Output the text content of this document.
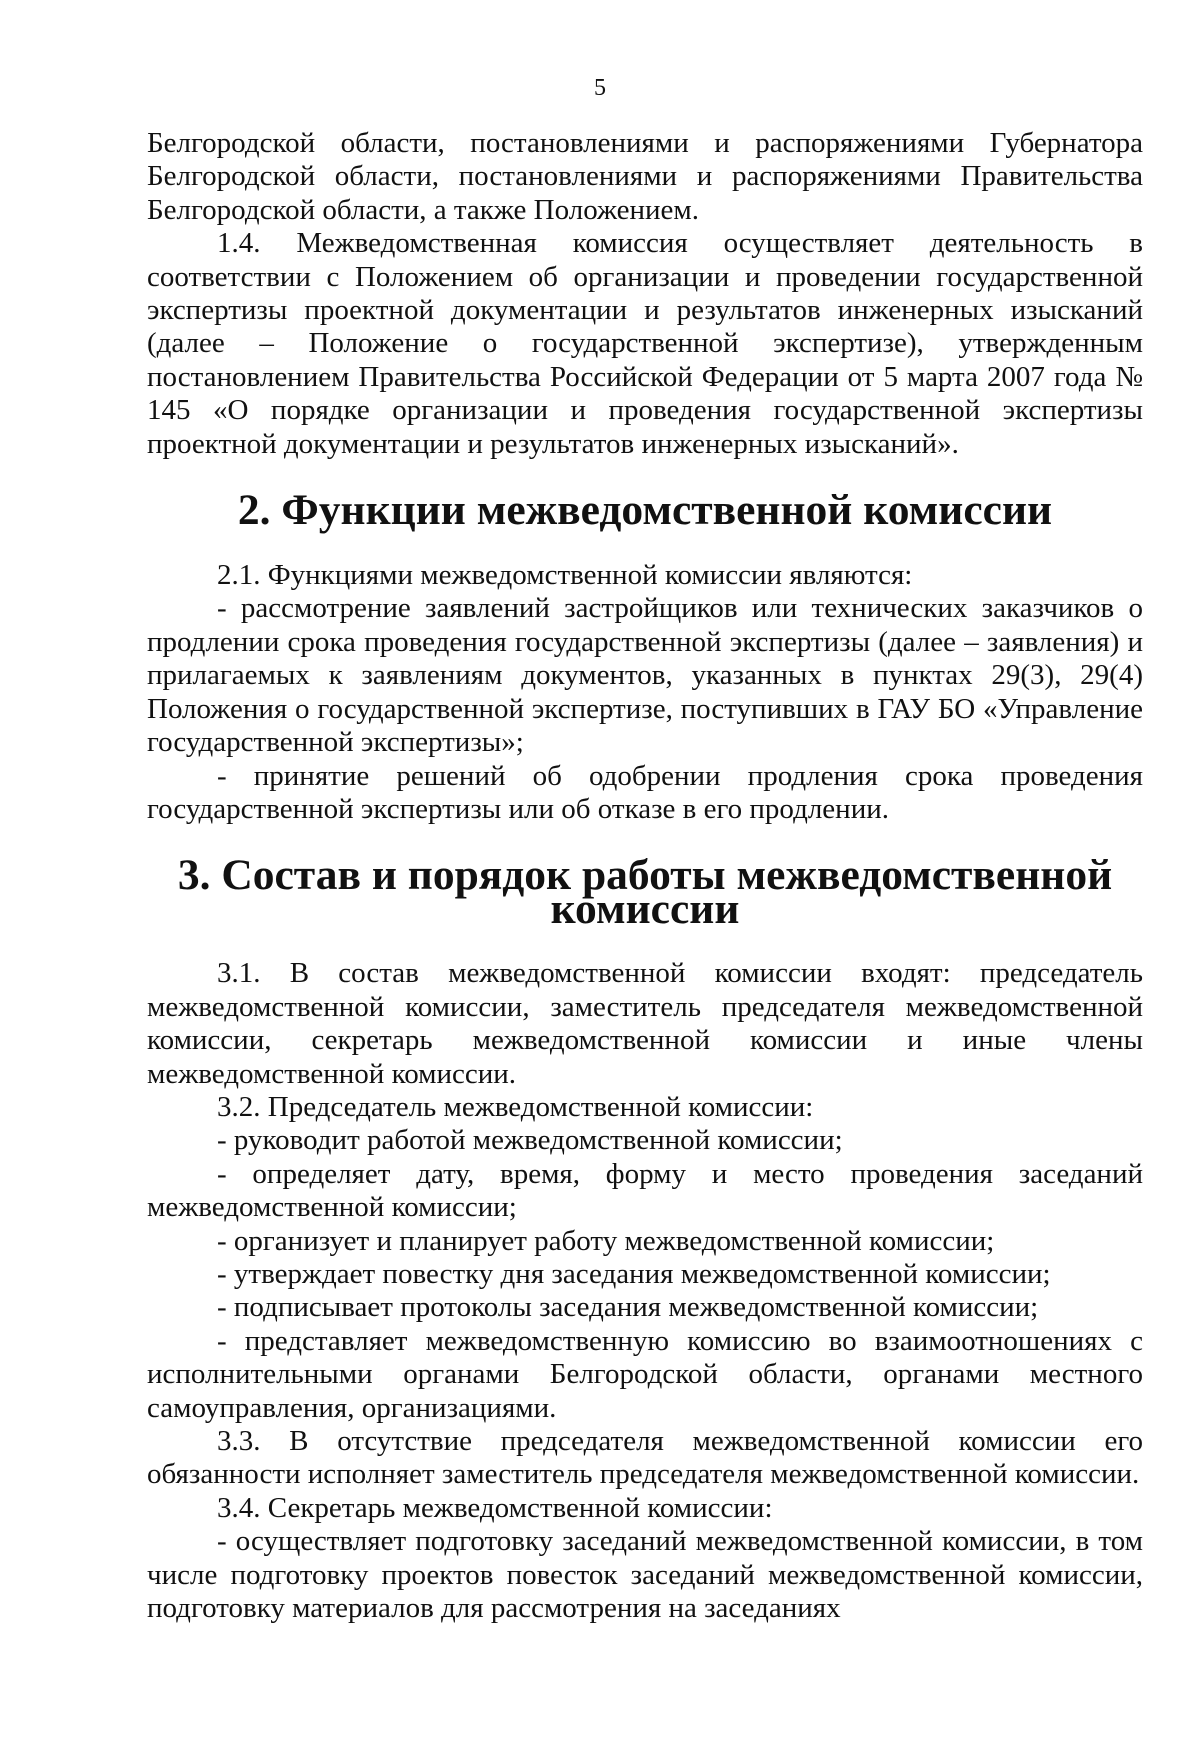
5

Белгородской области, постановлениями и распоряжениями Губернатора Белгородской области, постановлениями и распоряжениями Правительства Белгородской области, а также Положением.

1.4. Межведомственная комиссия осуществляет деятельность в соответствии с Положением об организации и проведении государственной экспертизы проектной документации и результатов инженерных изысканий (далее – Положение о государственной экспертизе), утвержденным постановлением Правительства Российской Федерации от 5 марта 2007 года № 145 «О порядке организации и проведения государственной экспертизы проектной документации и результатов инженерных изысканий».

2. Функции межведомственной комиссии

2.1. Функциями межведомственной комиссии являются:

- рассмотрение заявлений застройщиков или технических заказчиков о продлении срока проведения государственной экспертизы (далее – заявления) и прилагаемых к заявлениям документов, указанных в пунктах 29(3), 29(4) Положения о государственной экспертизе, поступивших в ГАУ БО «Управление государственной экспертизы»;

- принятие решений об одобрении продления срока проведения государственной экспертизы или об отказе в его продлении.

3. Состав и порядок работы межведомственной комиссии

3.1. В состав межведомственной комиссии входят: председатель межведомственной комиссии, заместитель председателя межведомственной комиссии, секретарь межведомственной комиссии и иные члены межведомственной комиссии.

3.2. Председатель межведомственной комиссии:

- руководит работой межведомственной комиссии;

- определяет дату, время, форму и место проведения заседаний межведомственной комиссии;

- организует и планирует работу межведомственной комиссии;

- утверждает повестку дня заседания межведомственной комиссии;

- подписывает протоколы заседания межведомственной комиссии;

- представляет межведомственную комиссию во взаимоотношениях с исполнительными органами Белгородской области, органами местного самоуправления, организациями.

3.3. В отсутствие председателя межведомственной комиссии его обязанности исполняет заместитель председателя межведомственной комиссии.

3.4. Секретарь межведомственной комиссии:

- осуществляет подготовку заседаний межведомственной комиссии, в том числе подготовку проектов повесток заседаний межведомственной комиссии, подготовку материалов для рассмотрения на заседаниях
